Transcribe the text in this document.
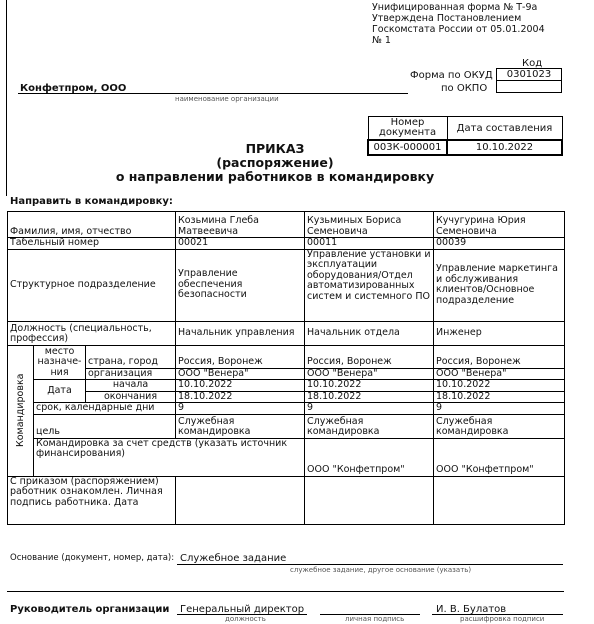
Унифицированная форма № Т-9а
Утверждена Постановлением
Госкомстата России от 05.01.2004
№ 1
Конфетпром, ООО
наименование организации
Код
Форма по ОКУД
по ОКПО
0301023

Номер документа	Дата составления
003К-000001	10.10.2022
ПРИКАЗ
(распоряжение)
о направлении работников в командировку
Направить в командировку:
Фамилия, имя, отчество			Козьмина Глеба Матвеевича	Кузьминых Бориса Семеновича	Кучугурина Юрия Семеновича	
Табельный номер			00021	00011	00039	
Структурное подразделение			Управление обеспечения безопасности	Управление установки и эксплуатации оборудования/Отдел автоматизированных систем и системного ПО	Управление маркетинга и обслуживания клиентов/Основное подразделение	
Должность (специальность, профессия)			Начальник управления	Начальник отдела	Инженер	
Командировка	место назначе-ния	страна, город	Россия, Воронеж	Россия, Воронеж	Россия, Воронеж	
		организация	ООО "Венера"	ООО "Венера"	ООО "Венера"	
	Дата	начала	10.10.2022	10.10.2022	10.10.2022	
		окончания	18.10.2022	18.10.2022	18.10.2022	
	срок, календарные дни		9	9	9	
	цель		Служебная командировка	Служебная командировка	Служебная командировка	
	Командировка за счет средств (указать источник финансирования)			ООО "Конфетпром"	ООО "Конфетпром"	
С приказом (распоряжением) работник ознакомлен. Личная подпись работника. Дата						
Основание (документ, номер, дата): Служебное задание
служебное задание, другое основание (указать)
Руководитель организации Генеральный директор	И. В. Булатов
должность	личная подпись	расшифровка подписи
